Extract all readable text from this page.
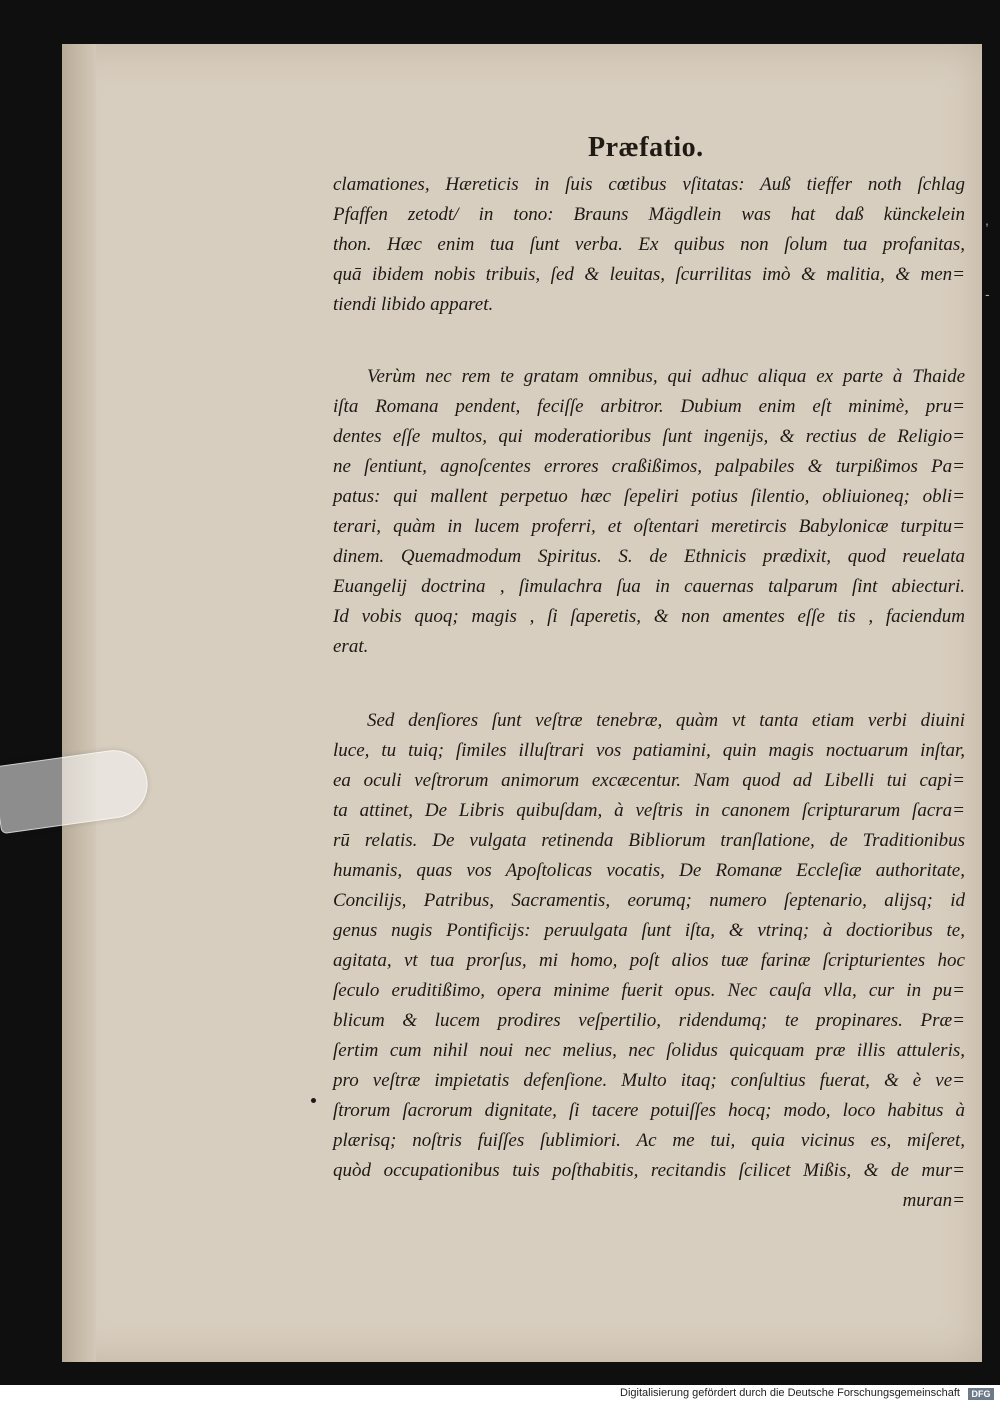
,
-
Præfatio.
clamationes, Hæreticis in ſuis cœtibus vſitatas: Auß tieffer noth ſchlag
Pfaffen zetodt/ in tono: Brauns Mägdlein was hat daß künckelein
thon. Hæc enim tua ſunt verba. Ex quibus non ſolum tua profanitas,
quā ibidem nobis tribuis, ſed & leuitas, ſcurrilitas imò & malitia, & men=
tiendi libido apparet.
Verùm nec rem te gratam omnibus, qui adhuc aliqua ex parte à Thaide
iſta Romana pendent, feciſſe arbitror. Dubium enim eſt minimè, pru=
dentes eſſe multos, qui moderatioribus ſunt ingenijs, & rectius de Religio=
ne ſentiunt, agnoſcentes errores craßißimos, palpabiles & turpißimos Pa=
patus: qui mallent perpetuo hæc ſepeliri potius ſilentio, obliuioneq; obli=
terari, quàm in lucem proferri, et oſtentari meretircis Babylonicæ turpitu=
dinem. Quemadmodum Spiritus. S. de Ethnicis prædixit, quod reuelata
Euangelij doctrina , ſimulachra ſua in cauernas talparum ſint abiecturi.
Id vobis quoq; magis , ſi ſaperetis, & non amentes eſſe tis , faciendum
erat.
Sed denſiores ſunt veſtræ tenebræ, quàm vt tanta etiam verbi diuini
luce, tu tuiq; ſimiles illuſtrari vos patiamini, quin magis noctuarum inſtar,
ea oculi veſtrorum animorum excæcentur. Nam quod ad Libelli tui capi=
ta attinet, De Libris quibuſdam, à veſtris in canonem ſcripturarum ſacra=
rū relatis. De vulgata retinenda Bibliorum tranſlatione, de Traditionibus
humanis, quas vos Apoſtolicas vocatis, De Romanæ Eccleſiæ authoritate,
Concilijs, Patribus, Sacramentis, eorumq; numero ſeptenario, alijsq; id
genus nugis Pontificijs: peruulgata ſunt iſta, & vtrinq; à doctioribus te,
agitata, vt tua prorſus, mi homo, poſt alios tuæ farinæ ſcripturientes hoc
ſeculo eruditißimo, opera minime fuerit opus. Nec cauſa vlla, cur in pu=
blicum & lucem prodires veſpertilio, ridendumq; te propinares. Præ=
ſertim cum nihil noui nec melius, nec ſolidus quicquam præ illis attuleris,
pro veſtræ impietatis defenſione. Multo itaq; conſultius fuerat, & è ve=
ſtrorum ſacrorum dignitate, ſi tacere potuiſſes hocq; modo, loco habitus à
plærisq; noſtris fuiſſes ſublimiori. Ac me tui, quia vicinus es, miſeret,
quòd occupationibus tuis poſthabitis, recitandis ſcilicet Mißis, & de mur=
muran=
Digitalisierung gefördert durch die Deutsche Forschungsgemeinschaft	DFG
